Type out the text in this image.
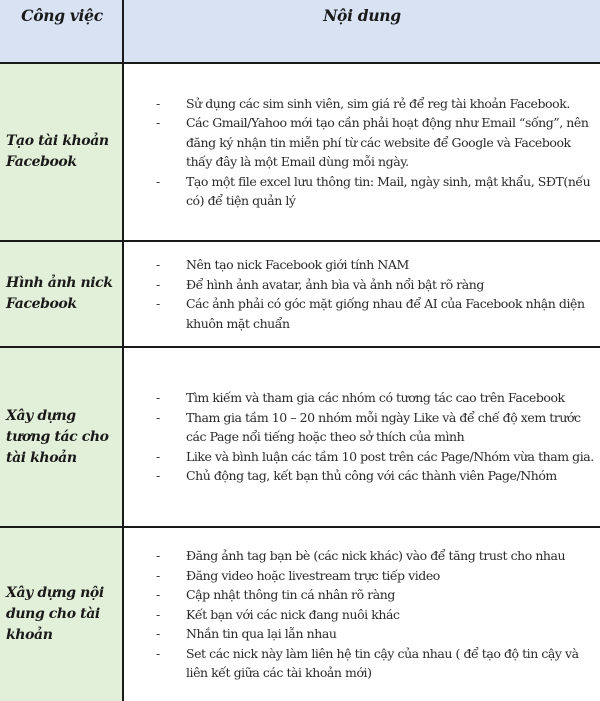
Công việc	Nội dung
Tạo tài khoản Facebook
-	Sử dụng các sim sinh viên, sim giá rẻ để reg tài khoản Facebook.
-	Các Gmail/Yahoo mới tạo cần phải hoạt động như Email “sống”, nên đăng ký nhận tin miễn phí từ các website để Google và Facebook thấy đây là một Email dùng mỗi ngày.
-	Tạo một file excel lưu thông tin: Mail, ngày sinh, mật khẩu, SĐT(nếu có) để tiện quản lý
Hình ảnh nick Facebook
-	Nên tạo nick Facebook giới tính NAM
-	Để hình ảnh avatar, ảnh bìa và ảnh nổi bật rõ ràng
-	Các ảnh phải có góc mặt giống nhau để AI của Facebook nhận diện khuôn mặt chuẩn
Xây dựng tương tác cho tài khoản
-	Tìm kiếm và tham gia các nhóm có tương tác cao trên Facebook
-	Tham gia tầm 10 – 20 nhóm mỗi ngày Like và để chế độ xem trước các Page nổi tiếng hoặc theo sở thích của mình
-	Like và bình luận các tầm 10 post trên các Page/Nhóm vừa tham gia.
-	Chủ động tag, kết bạn thủ công với các thành viên Page/Nhóm
Xây dựng nội dung cho tài khoản
-	Đăng ảnh tag bạn bè (các nick khác) vào để tăng trust cho nhau
-	Đăng video hoặc livestream trực tiếp video
-	Cập nhật thông tin cá nhân rõ ràng
-	Kết bạn với các nick đang nuôi khác
-	Nhắn tin qua lại lẫn nhau
-	Set các nick này làm liên hệ tin cậy của nhau ( để tạo độ tin cậy và liên kết giữa các tài khoản mới)
